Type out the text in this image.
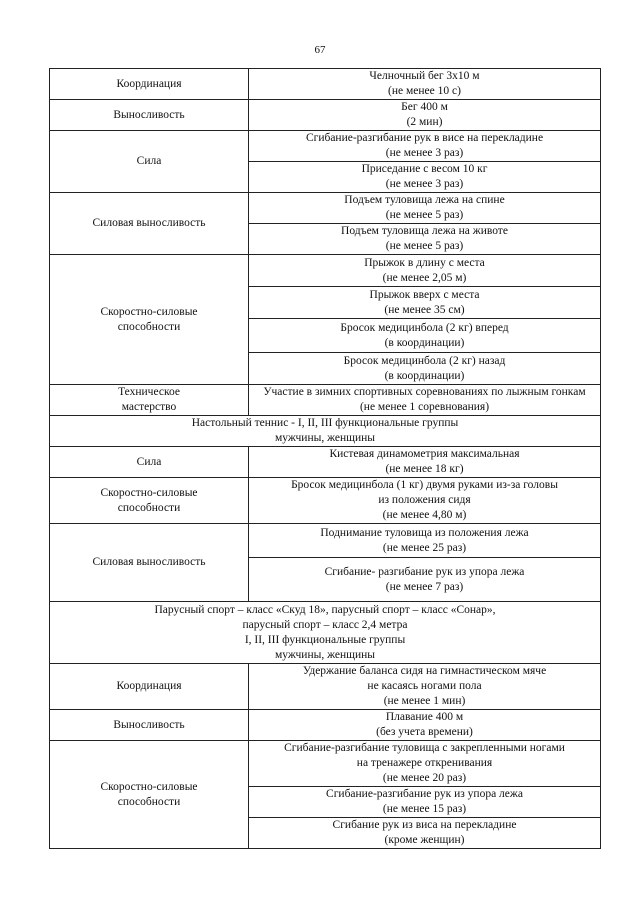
67
Координация	Челночный бег 3x10 м
(не менее 10 с)
Выносливость	Бег 400 м
(2 мин)
Сила	Сгибание-разгибание рук в висе на перекладине
(не менее 3 раз)
	Приседание с весом 10 кг
(не менее 3 раз)
Силовая выносливость	Подъем туловища лежа на спине
(не менее 5 раз)
	Подъем туловища лежа на животе
(не менее 5 раз)
Скоростно-силовые
способности	Прыжок в длину с места
(не менее 2,05 м)
	Прыжок вверх с места
(не менее 35 см)
	Бросок медицинбола (2 кг) вперед
(в координации)
	Бросок медицинбола (2 кг) назад
(в координации)
Техническое
мастерство	Участие в зимних спортивных соревнованиях по лыжным гонкам
(не менее 1 соревнования)
Настольный теннис - I, II, III функциональные группы
мужчины, женщины	
Сила	Кистевая динамометрия максимальная
(не менее 18 кг)
Скоростно-силовые
способности	Бросок медицинбола (1 кг) двумя руками из-за головы
из положения сидя
(не менее 4,80 м)
Силовая выносливость	Поднимание туловища из положения лежа
(не менее 25 раз)
	Сгибание- разгибание рук из упора лежа
(не менее 7 раз)
Парусный спорт – класс «Скуд 18», парусный спорт – класс «Сонар»,
парусный спорт – класс 2,4 метра
I, II, III функциональные группы
мужчины, женщины	
Координация	Удержание баланса сидя на гимнастическом мяче
не касаясь ногами пола
(не менее 1 мин)
Выносливость	Плавание 400 м
(без учета времени)
Скоростно-силовые
способности	Сгибание-разгибание туловища с закрепленными ногами
на тренажере откренивания
(не менее 20 раз)
	Сгибание-разгибание рук из упора лежа
(не менее 15 раз)
	Сгибание рук из виса на перекладине
(кроме женщин)
